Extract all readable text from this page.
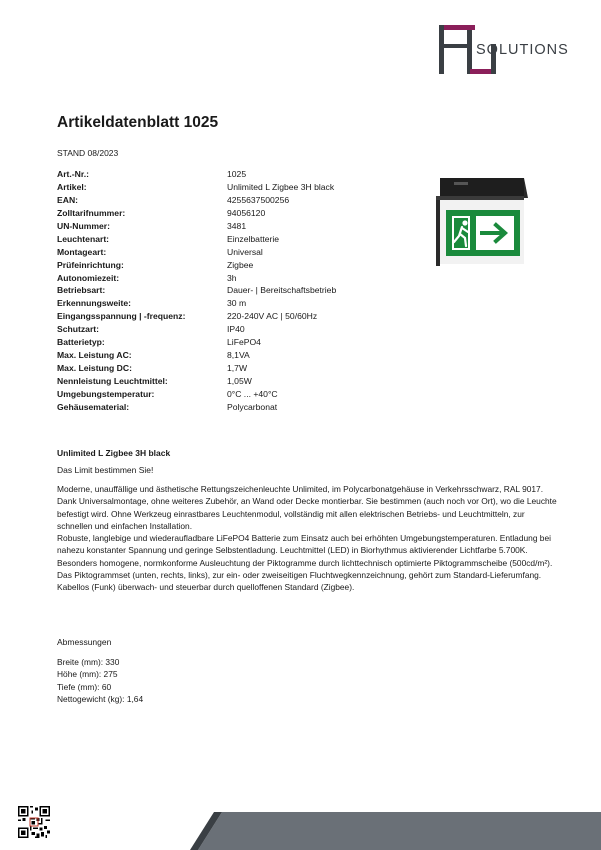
SOLUTIONS
Artikeldatenblatt 1025
STAND 08/2023
Art.-Nr.:	1025
Artikel:	Unlimited L Zigbee 3H black
EAN:	4255637500256
Zolltarifnummer:	94056120
UN-Nummer:	3481
Leuchtenart:	Einzelbatterie
Montageart:	Universal
Prüfeinrichtung:	Zigbee
Autonomiezeit:	3h
Betriebsart:	Dauer- | Bereitschaftsbetrieb
Erkennungsweite:	30 m
Eingangsspannung | -frequenz:	220-240V AC | 50/60Hz
Schutzart:	IP40
Batterietyp:	LiFePO4
Max. Leistung AC:	8,1VA
Max. Leistung DC:	1,7W
Nennleistung Leuchtmittel:	1,05W
Umgebungstemperatur:	0°C ... +40°C
Gehäusematerial:	Polycarbonat
Unlimited L Zigbee 3H black
Das Limit bestimmen Sie!

Moderne, unauffällige und ästhetische Rettungszeichenleuchte Unlimited, im Polycarbonatgehäuse in Verkehrsschwarz, RAL 9017. Dank Universalmontage, ohne weiteres Zubehör, an Wand oder Decke montierbar. Sie bestimmen (auch noch vor Ort), wo die Leuchte befestigt wird. Ohne Werkzeug einrastbares Leuchtenmodul, vollständig mit allen elektrischen Betriebs- und Leuchtmitteln, zur schnellen und einfachen Installation.

Robuste, langlebige und wiederaufladbare LiFePO4 Batterie zum Einsatz auch bei erhöhten Umgebungstemperaturen. Entladung bei nahezu konstanter Spannung und geringe Selbstentladung. Leuchtmittel (LED) in Biorhythmus aktivierender Lichtfarbe 5.700K.

Besonders homogene, normkonforme Ausleuchtung der Piktogramme durch lichttechnisch optimierte Piktogrammscheibe (500cd/m²). Das Piktogrammset (unten, rechts, links), zur ein- oder zweiseitigen Fluchtwegkennzeichnung, gehört zum Standard-Lieferumfang.

Kabellos (Funk) überwach- und steuerbar durch quelloffenen Standard (Zigbee).

Abmessungen
Breite (mm): 330
Höhe (mm): 275
Tiefe (mm): 60
Nettogewicht (kg): 1,64
